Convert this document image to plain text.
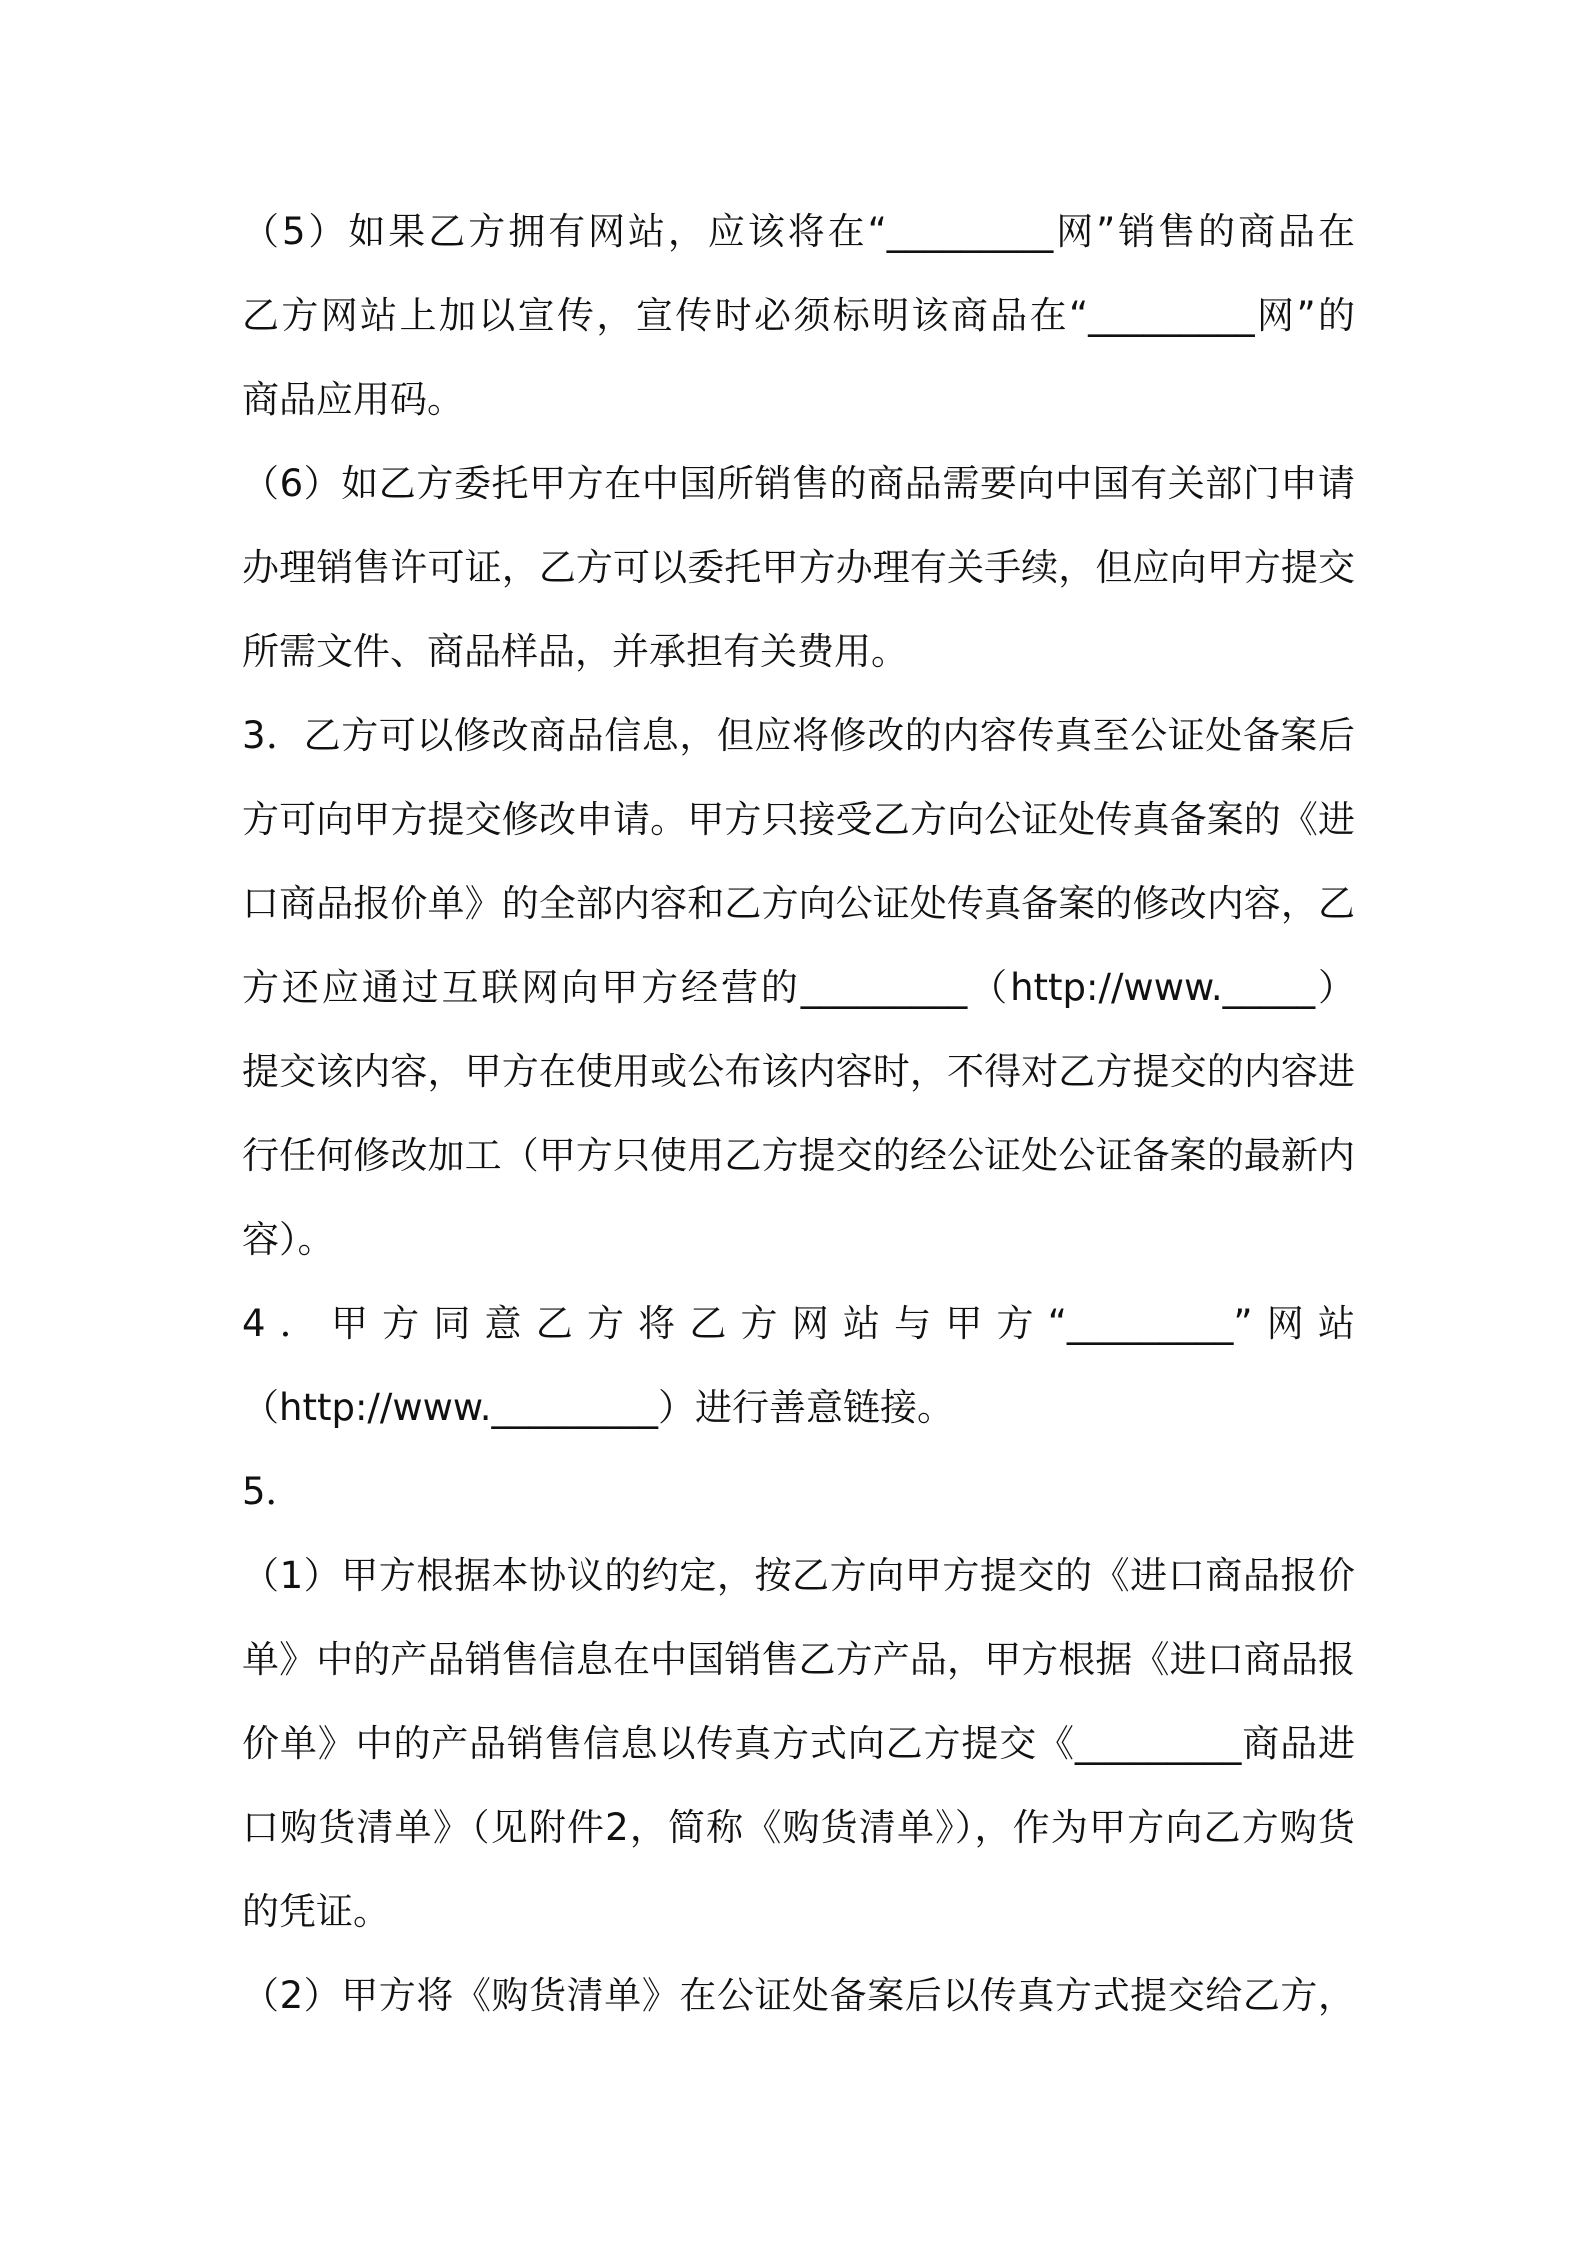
（5）如果乙方拥有网站，应该将在“_________网”销售的商品在
乙方网站上加以宣传，宣传时必须标明该商品在“_________网”的
商品应用码。
（6）如乙方委托甲方在中国所销售的商品需要向中国有关部门申请
办理销售许可证，乙方可以委托甲方办理有关手续，但应向甲方提交
所需文件、商品样品，并承担有关费用。
3．乙方可以修改商品信息，但应将修改的内容传真至公证处备案后
方可向甲方提交修改申请。甲方只接受乙方向公证处传真备案的《进
口商品报价单》的全部内容和乙方向公证处传真备案的修改内容，乙
方还应通过互联网向甲方经营的_________（http://www._____）
提交该内容，甲方在使用或公布该内容时，不得对乙方提交的内容进
行任何修改加工（甲方只使用乙方提交的经公证处公证备案的最新内
容）。
4．甲方同意乙方将乙方网站与甲方“_________”网站
（http://www._________）进行善意链接。
5．
（1）甲方根据本协议的约定，按乙方向甲方提交的《进口商品报价
单》中的产品销售信息在中国销售乙方产品，甲方根据《进口商品报
价单》中的产品销售信息以传真方式向乙方提交《_________商品进
口购货清单》（见附件2，简称《购货清单》），作为甲方向乙方购货
的凭证。
（2）甲方将《购货清单》在公证处备案后以传真方式提交给乙方，
